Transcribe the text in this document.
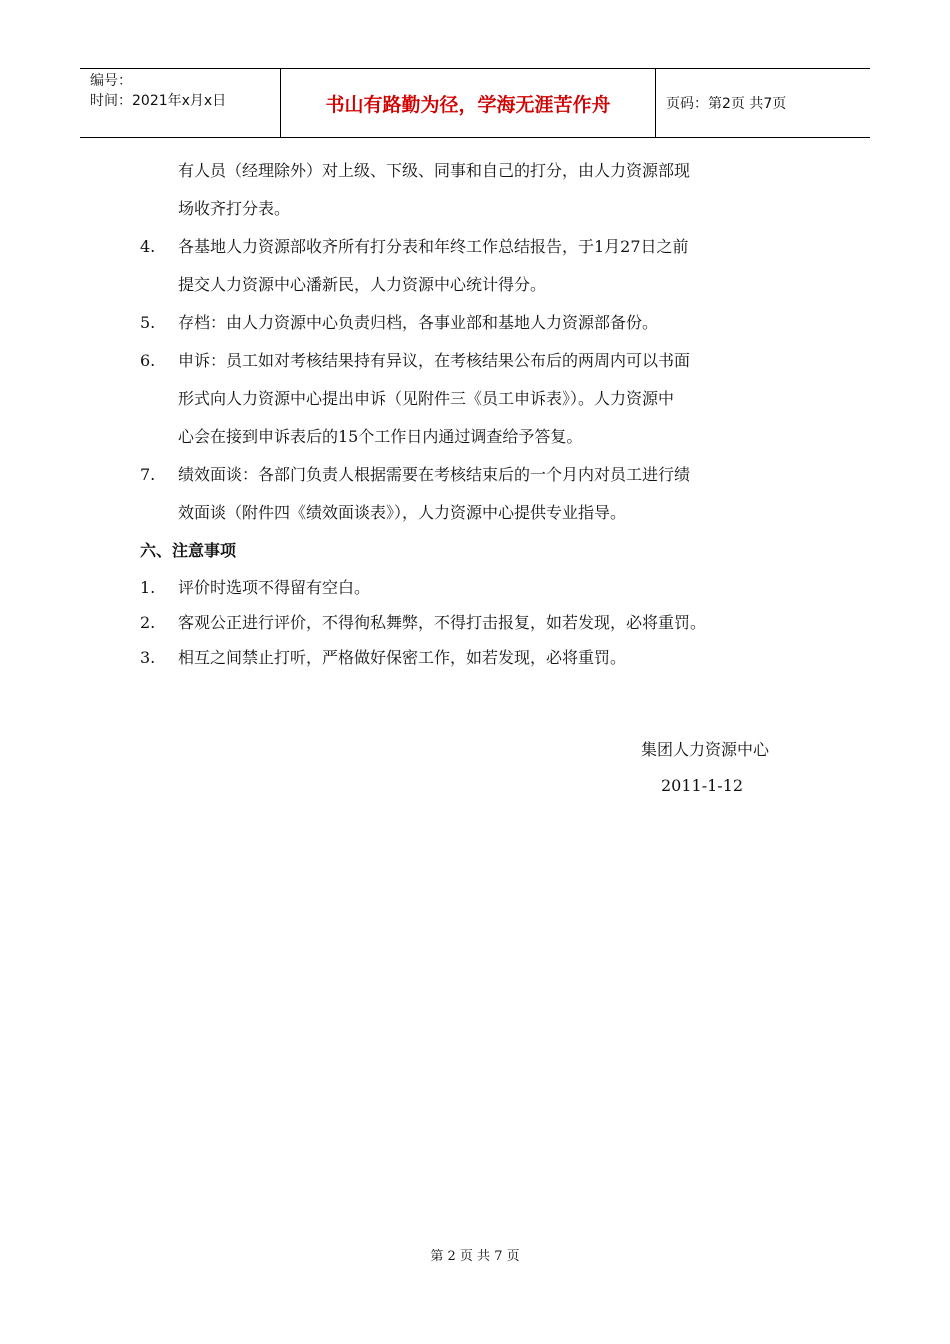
编号：
时间：2021年x月x日	书山有路勤为径，学海无涯苦作舟	页码：第2页 共7页
有人员（经理除外）对上级、下级、同事和自己的打分，由人力资源部现
场收齐打分表。
4. 各基地人力资源部收齐所有打分表和年终工作总结报告，于1月27日之前
提交人力资源中心潘新民，人力资源中心统计得分。
5. 存档：由人力资源中心负责归档，各事业部和基地人力资源部备份。
6. 申诉：员工如对考核结果持有异议，在考核结果公布后的两周内可以书面
形式向人力资源中心提出申诉（见附件三《员工申诉表》）。人力资源中
心会在接到申诉表后的15个工作日内通过调查给予答复。
7. 绩效面谈：各部门负责人根据需要在考核结束后的一个月内对员工进行绩
效面谈（附件四《绩效面谈表》），人力资源中心提供专业指导。
六、注意事项
1. 评价时选项不得留有空白。
2. 客观公正进行评价，不得徇私舞弊，不得打击报复，如若发现，必将重罚。
3. 相互之间禁止打听，严格做好保密工作，如若发现，必将重罚。
集团人力资源中心
2011-1-12
第 2 页 共 7 页
